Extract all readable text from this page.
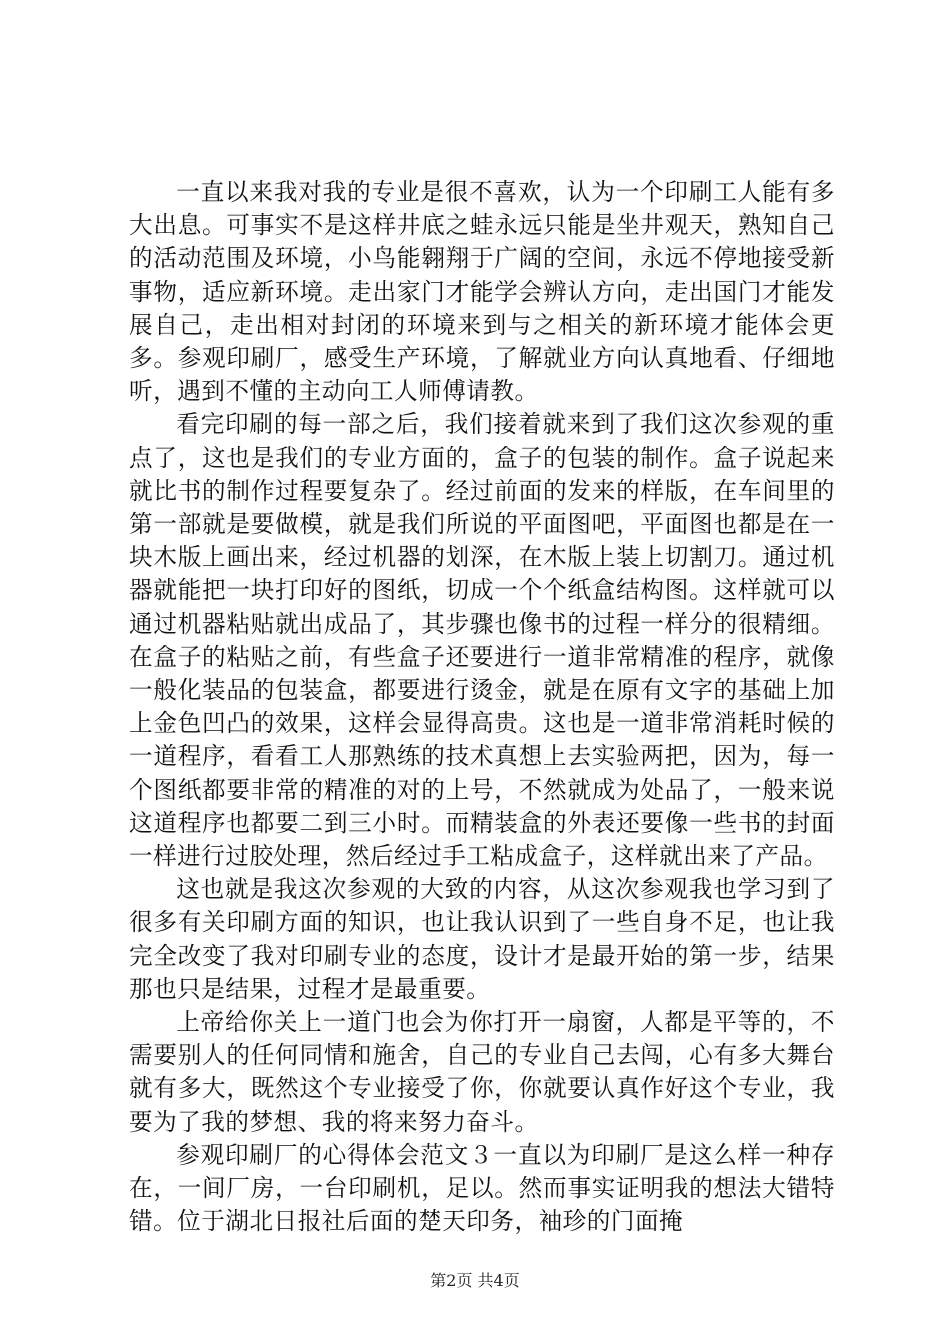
一直以来我对我的专业是很不喜欢，认为一个印刷工人能有多大出息。可事实不是这样井底之蛙永远只能是坐井观天，熟知自己的活动范围及环境，小鸟能翱翔于广阔的空间，永远不停地接受新事物，适应新环境。走出家门才能学会辨认方向，走出国门才能发展自己，走出相对封闭的环境来到与之相关的新环境才能体会更多。参观印刷厂，感受生产环境，了解就业方向认真地看、仔细地听，遇到不懂的主动向工人师傅请教。

看完印刷的每一部之后，我们接着就来到了我们这次参观的重点了，这也是我们的专业方面的，盒子的包装的制作。盒子说起来就比书的制作过程要复杂了。经过前面的发来的样版，在车间里的第一部就是要做模，就是我们所说的平面图吧，平面图也都是在一块木版上画出来，经过机器的划深，在木版上装上切割刀。通过机器就能把一块打印好的图纸，切成一个个纸盒结构图。这样就可以通过机器粘贴就出成品了，其步骤也像书的过程一样分的很精细。在盒子的粘贴之前，有些盒子还要进行一道非常精准的程序，就像一般化装品的包装盒，都要进行烫金，就是在原有文字的基础上加上金色凹凸的效果，这样会显得高贵。这也是一道非常消耗时候的一道程序，看看工人那熟练的技术真想上去实验两把，因为，每一个图纸都要非常的精准的对的上号，不然就成为处品了，一般来说这道程序也都要二到三小时。而精装盒的外表还要像一些书的封面一样进行过胶处理，然后经过手工粘成盒子，这样就出来了产品。

这也就是我这次参观的大致的内容，从这次参观我也学习到了很多有关印刷方面的知识，也让我认识到了一些自身不足，也让我完全改变了我对印刷专业的态度，设计才是最开始的第一步，结果那也只是结果，过程才是最重要。

上帝给你关上一道门也会为你打开一扇窗，人都是平等的，不需要别人的任何同情和施舍，自己的专业自己去闯，心有多大舞台就有多大，既然这个专业接受了你，你就要认真作好这个专业，我要为了我的梦想、我的将来努力奋斗。

参观印刷厂的心得体会范文３一直以为印刷厂是这么样一种存在，一间厂房，一台印刷机，足以。然而事实证明我的想法大错特错。位于湖北日报社后面的楚天印务，袖珍的门面掩

第2页 共4页
